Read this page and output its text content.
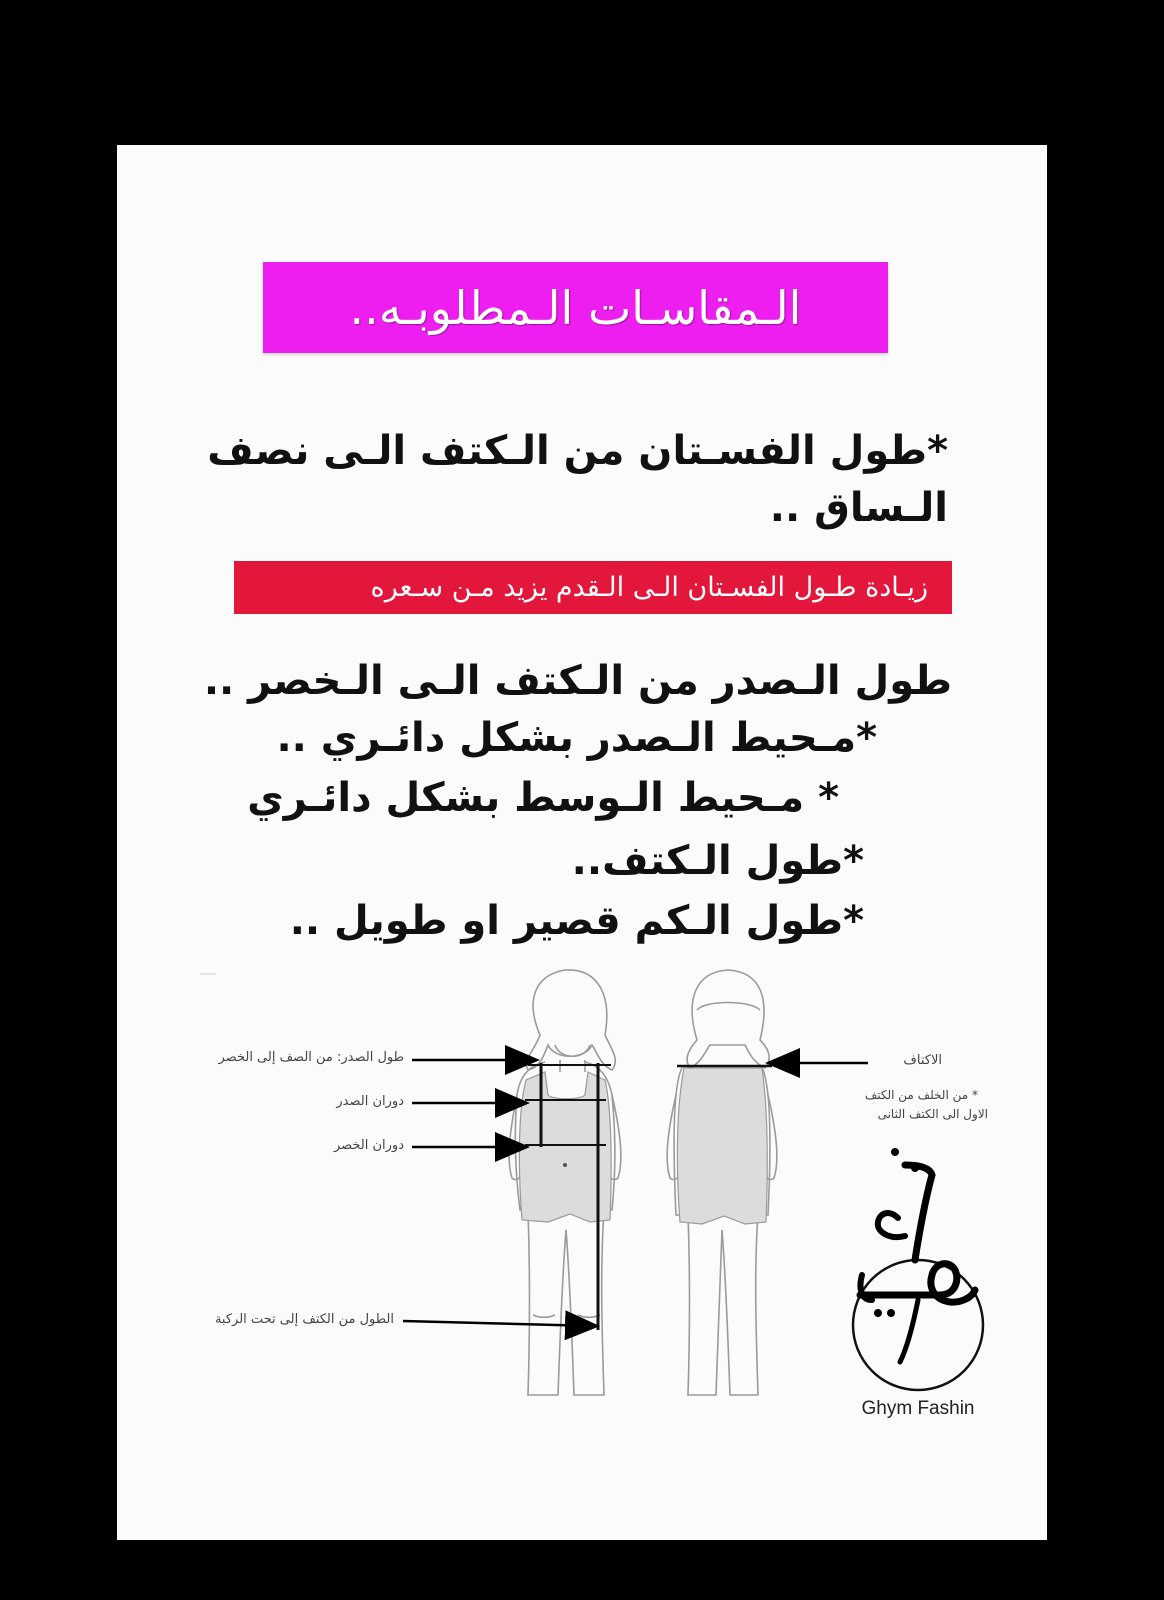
الـمقاسـات الـمطلوبـه..
*طول الفسـتان من الـكتف الـى نصف
الـساق ..
زيـادة طـول الفسـتان الـى الـقدم يزيد مـن سـعره
طول الـصدر من الـكتف الـى الـخصر ..
*مـحيط الـصدر بشكل دائـري ..
* مـحيط الـوسط بشكل دائـري
*طول الـكتف..
*طول الـكم قصير او طويل ..
طول الصدر: من الصف إلى الخصر
دوران الصدر
دوران الخصر
الطول من الكتف إلى تحت الركبة
الاكتاف
* من الخلف من الكتف
الاول الى الكتف الثانى
Ghym Fashin
